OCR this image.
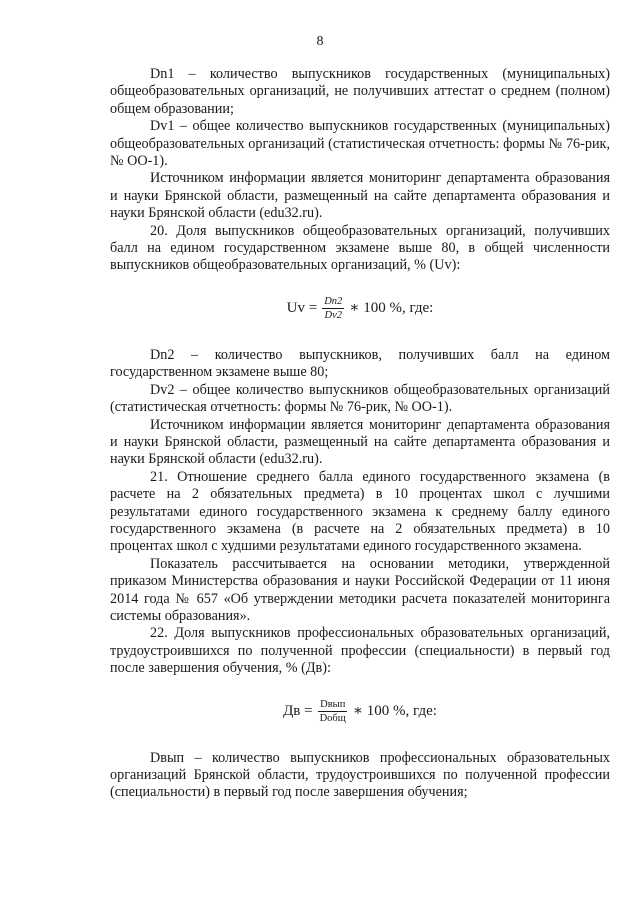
8

Dn1 – количество выпускников государственных (муниципальных) общеобразовательных организаций, не получивших аттестат о среднем (полном) общем образовании;

Dv1 – общее количество выпускников государственных (муниципальных) общеобразовательных организаций (статистическая отчетность: формы № 76-рик, № ОО-1).

Источником информации является мониторинг департамента образования и науки Брянской области, размещенный на сайте департамента образования и науки Брянской области (edu32.ru).

20. Доля выпускников общеобразовательных организаций, получивших балл на едином государственном экзамене выше 80, в общей численности выпускников общеобразовательных организаций, % (Uv):

$Uv = \frac{Dn2}{Dv2}$ ∗ 100 %, где:

Dn2 – количество выпускников, получивших балл на едином государственном экзамене выше 80;

Dv2 – общее количество выпускников общеобразовательных организаций (статистическая отчетность: формы № 76-рик, № ОО-1).

Источником информации является мониторинг департамента образования и науки Брянской области, размещенный на сайте департамента образования и науки Брянской области (edu32.ru).

21. Отношение среднего балла единого государственного экзамена (в расчете на 2 обязательных предмета) в 10 процентах школ с лучшими результатами единого государственного экзамена к среднему баллу единого государственного экзамена (в расчете на 2 обязательных предмета) в 10 процентах школ с худшими результатами единого государственного экзамена.

Показатель рассчитывается на основании методики, утвержденной приказом Министерства образования и науки Российской Федерации от 11 июня 2014 года № 657 «Об утверждении методики расчета показателей мониторинга системы образования».

22. Доля выпускников профессиональных образовательных организаций, трудоустроившихся по полученной профессии (специальности) в первый год после завершения обучения, % (Дв):

Дв = $\frac{\text{Dвып}}{\text{Dобщ}}$ ∗ 100 %, где:

Dвып – количество выпускников профессиональных образовательных организаций Брянской области, трудоустроившихся по полученной профессии (специальности) в первый год после завершения обучения;
